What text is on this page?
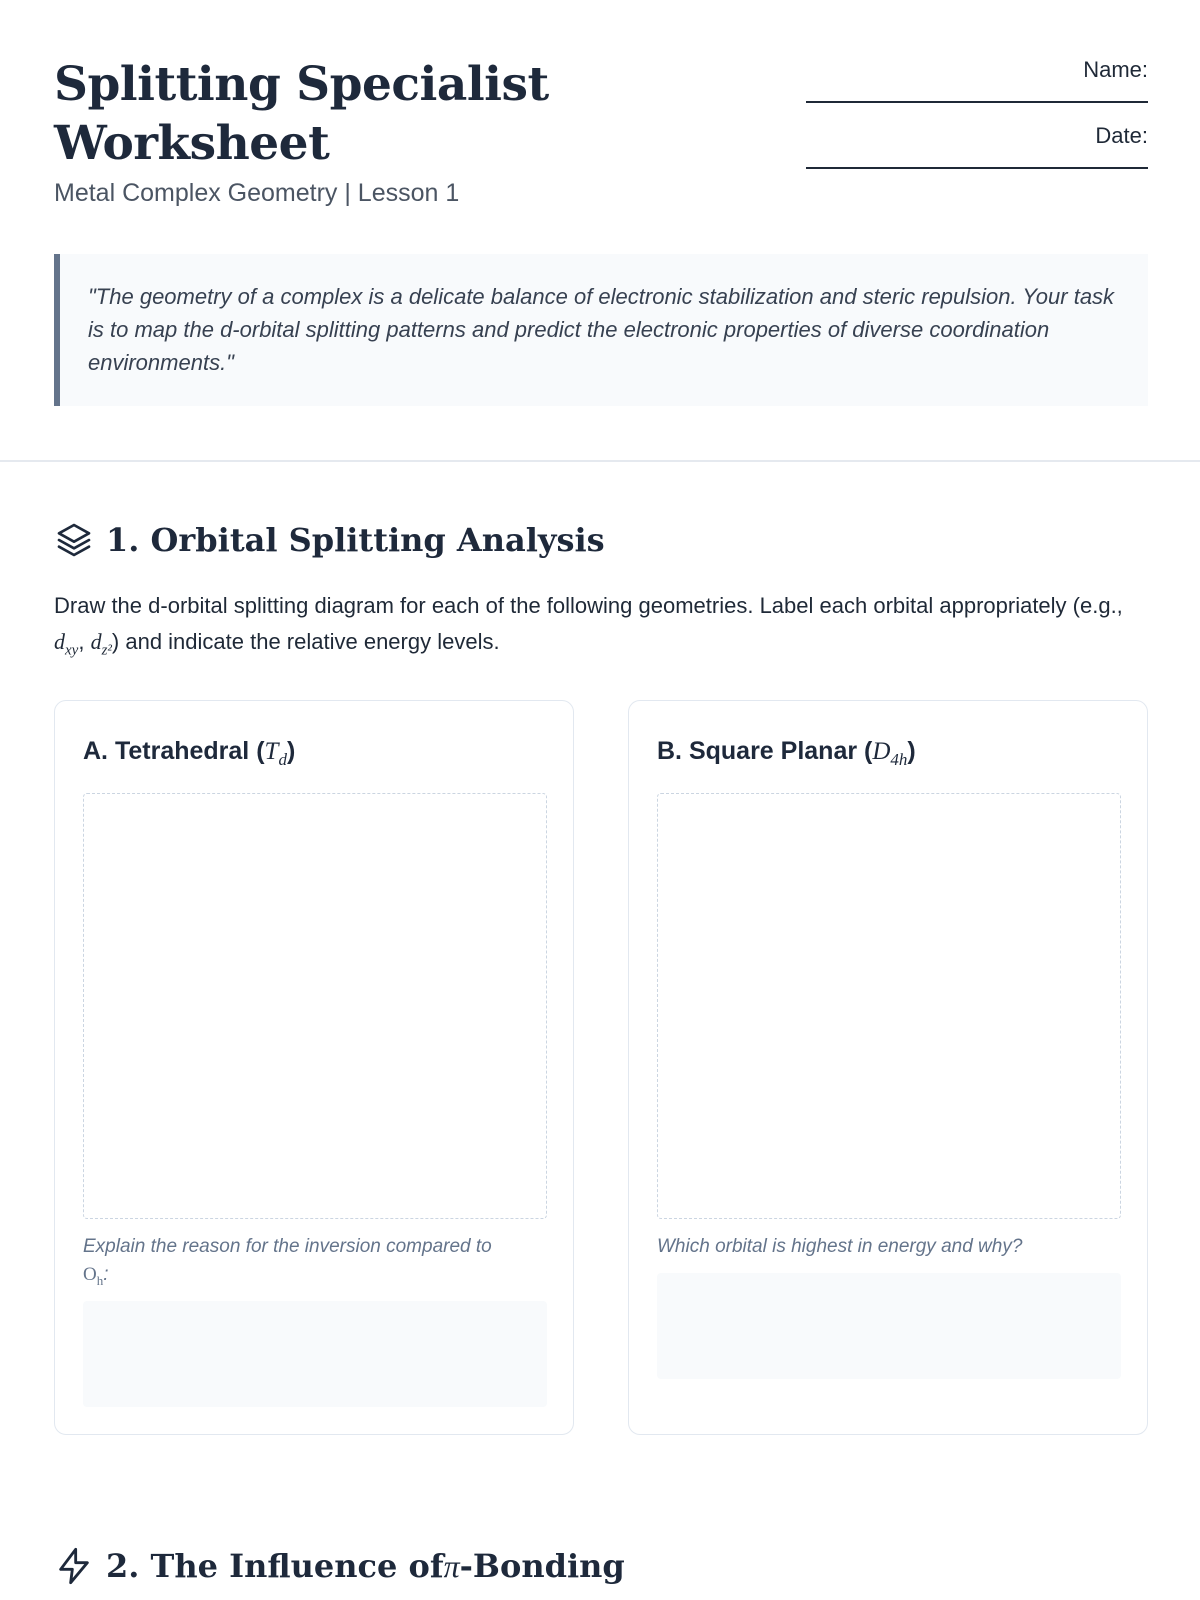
Splitting Specialist Worksheet
Metal Complex Geometry | Lesson 1
Name:
Date:
"The geometry of a complex is a delicate balance of electronic stabilization and steric repulsion. Your task is to map the d-orbital splitting patterns and predict the electronic properties of diverse coordination environments."
1. Orbital Splitting Analysis
Draw the d-orbital splitting diagram for each of the following geometries. Label each orbital appropriately (e.g., $d_{xy}$, $d_{z^2}$) and indicate the relative energy levels.
A. Tetrahedral $(T_d)$
Explain the reason for the inversion compared to
$O_h$:
B. Square Planar $(D_{4h})$
Which orbital is highest in energy and why?
2. The Influence ofπ-Bonding
